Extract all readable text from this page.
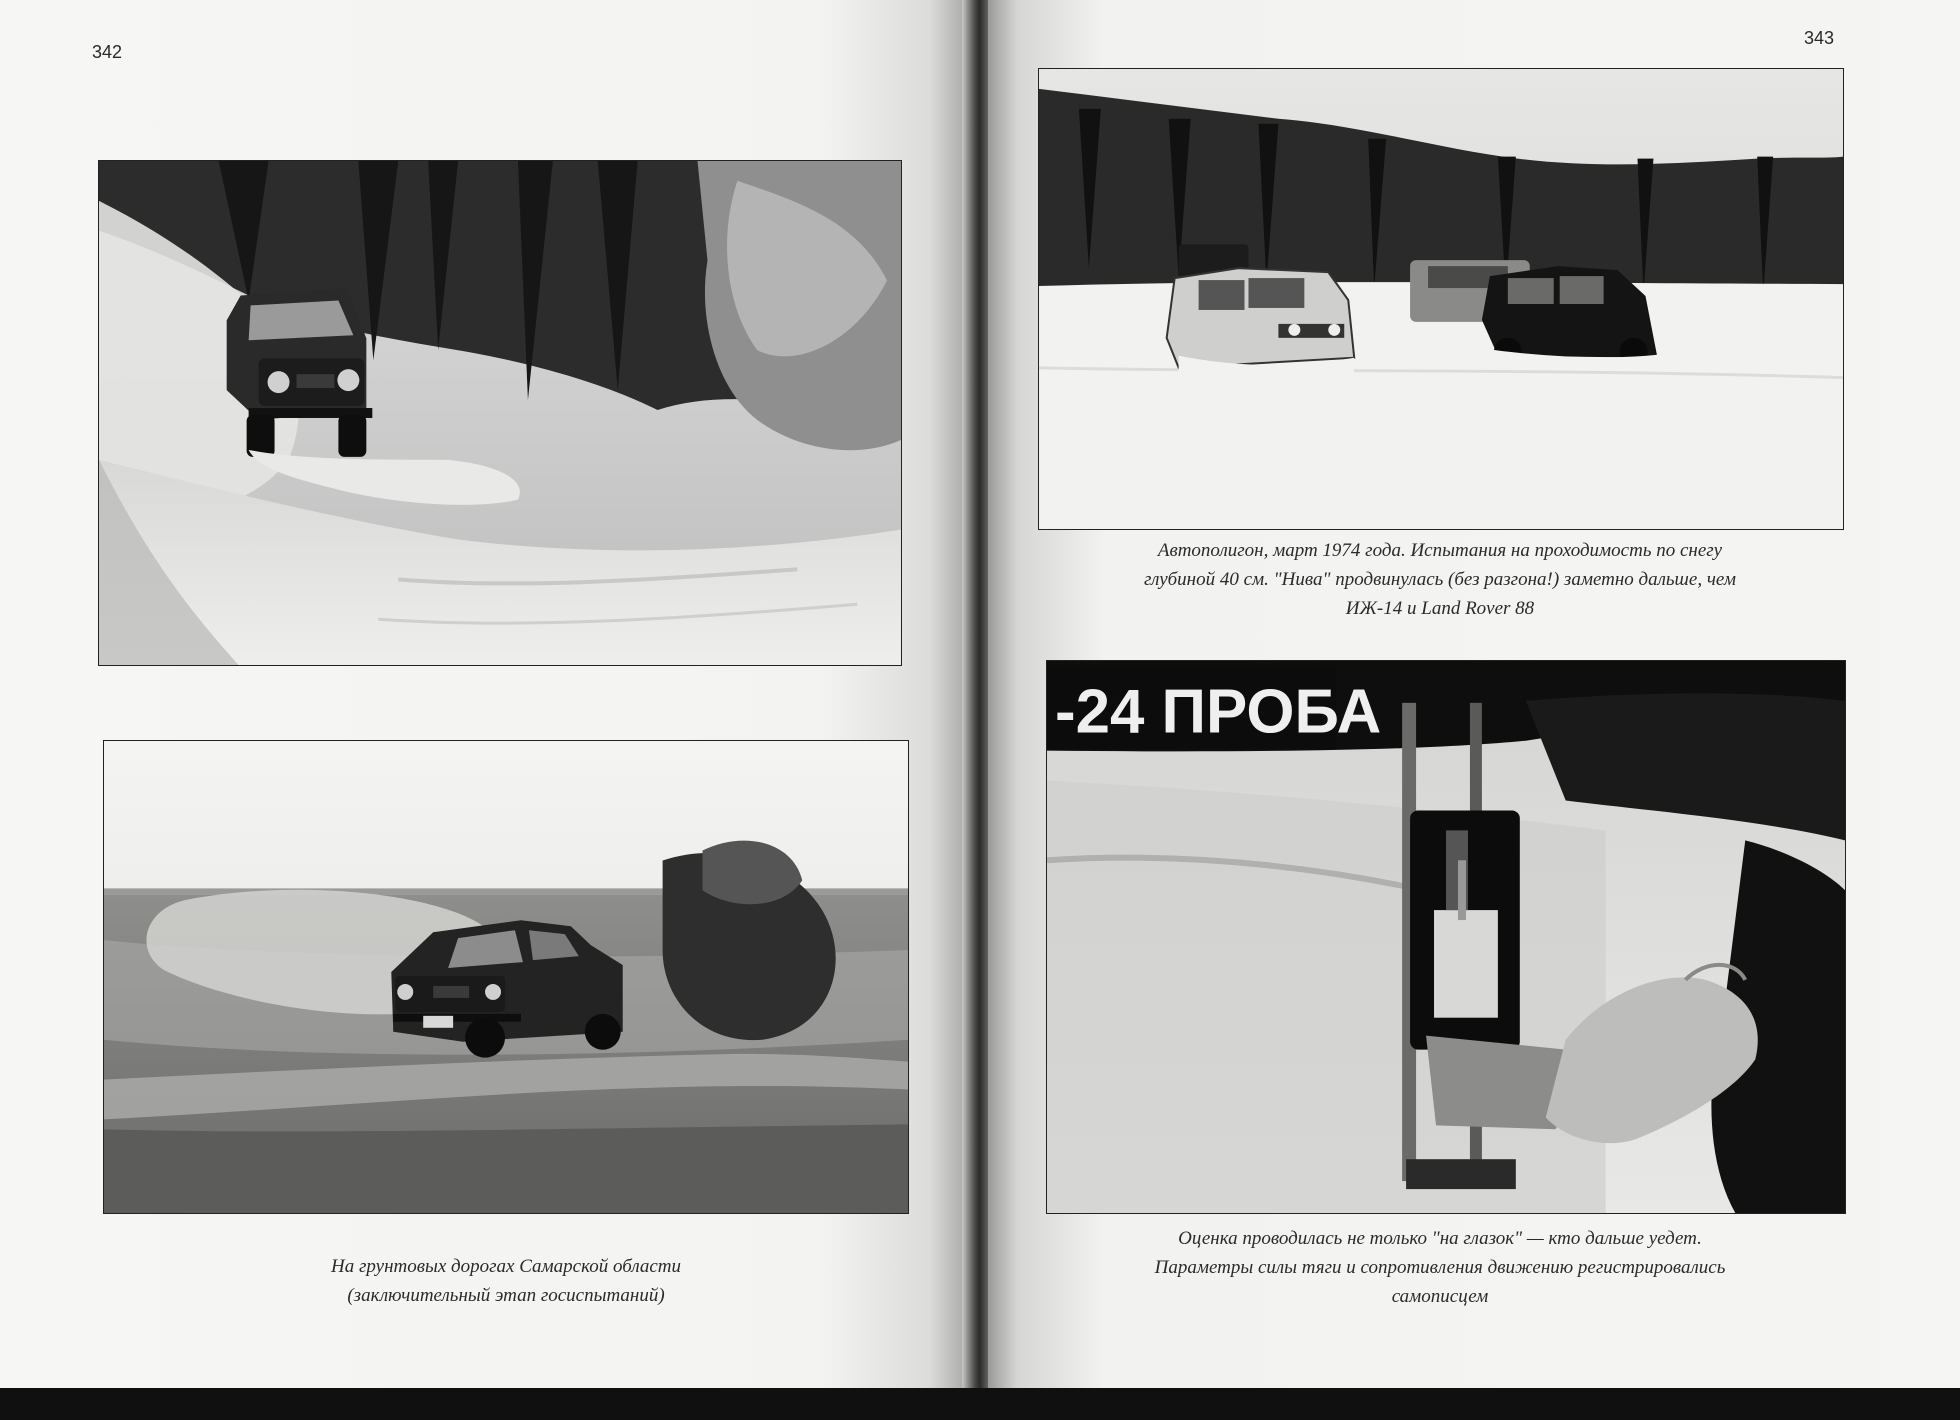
342
На грунтовых дорогах Самарской области
(заключительный этап госиспытаний)
343
Автополигон, март 1974 года. Испытания на проходимость по снегу
глубиной 40 см. "Нива" продвинулась (без разгона!) заметно дальше, чем
ИЖ-14 и Land Rover 88
-24 ПРОБА
Оценка проводилась не только "на глазок" — кто дальше уедет.
Параметры силы тяги и сопротивления движению регистрировались
самописцем
